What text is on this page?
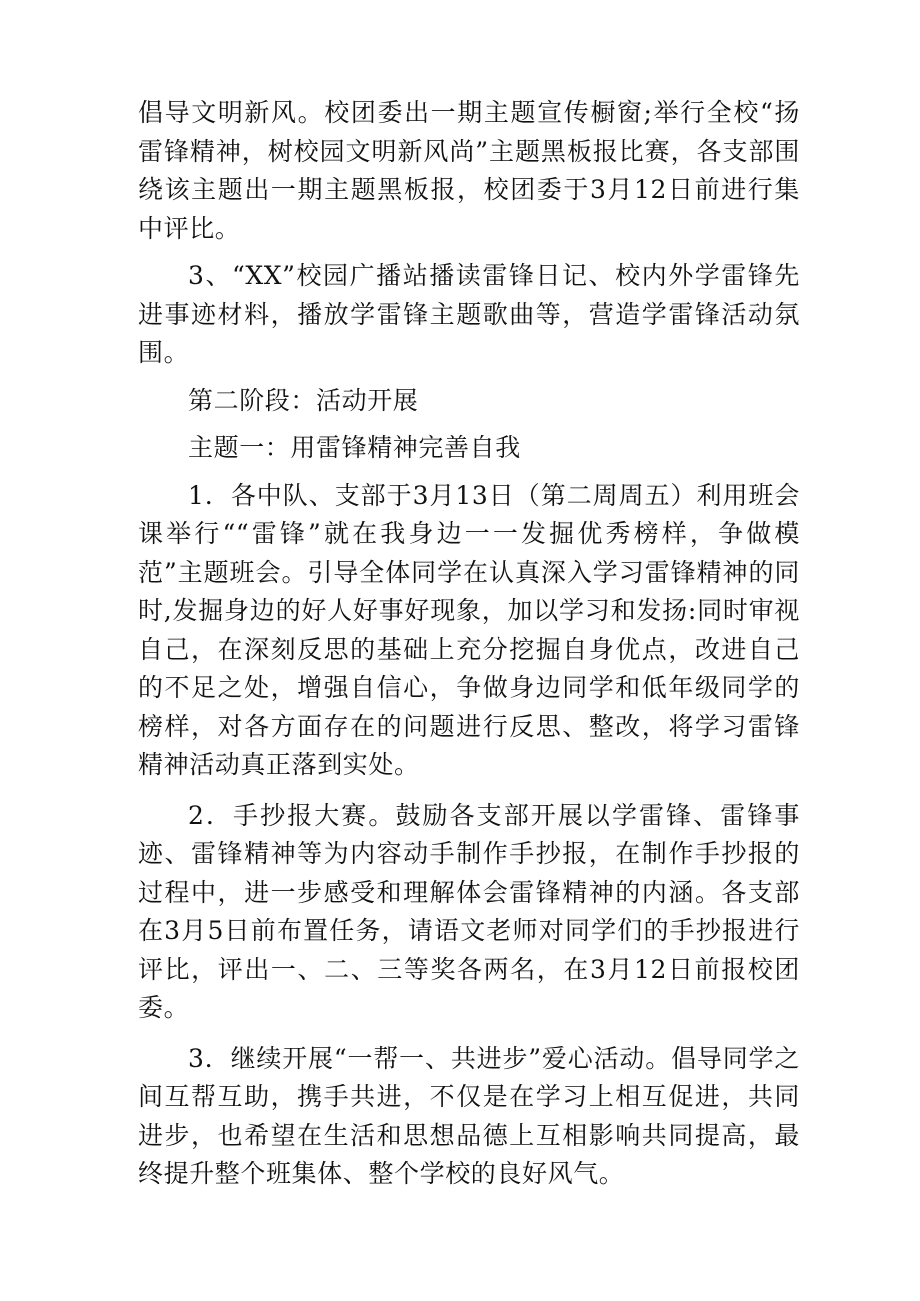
倡导文明新风。校团委出一期主题宣传橱窗;举行全校“扬雷锋精神，树校园文明新风尚”主题黑板报比赛，各支部围绕该主题出一期主题黑板报，校团委于3月12日前进行集中评比。

3、“XX”校园广播站播读雷锋日记、校内外学雷锋先进事迹材料，播放学雷锋主题歌曲等，营造学雷锋活动氛围。

第二阶段：活动开展

主题一：用雷锋精神完善自我

1．各中队、支部于3月13日（第二周周五）利用班会课举行““雷锋”就在我身边一一发掘优秀榜样，争做模范”主题班会。引导全体同学在认真深入学习雷锋精神的同时,发掘身边的好人好事好现象，加以学习和发扬:同时审视自己，在深刻反思的基础上充分挖掘自身优点，改进自己的不足之处，增强自信心，争做身边同学和低年级同学的榜样，对各方面存在的问题进行反思、整改，将学习雷锋精神活动真正落到实处。

2．手抄报大赛。鼓励各支部开展以学雷锋、雷锋事迹、雷锋精神等为内容动手制作手抄报，在制作手抄报的过程中，进一步感受和理解体会雷锋精神的内涵。各支部在3月5日前布置任务，请语文老师对同学们的手抄报进行评比，评出一、二、三等奖各两名，在3月12日前报校团委。

3．继续开展“一帮一、共进步”爱心活动。倡导同学之间互帮互助，携手共进，不仅是在学习上相互促进，共同进步，也希望在生活和思想品德上互相影响共同提高，最终提升整个班集体、整个学校的良好风气。
